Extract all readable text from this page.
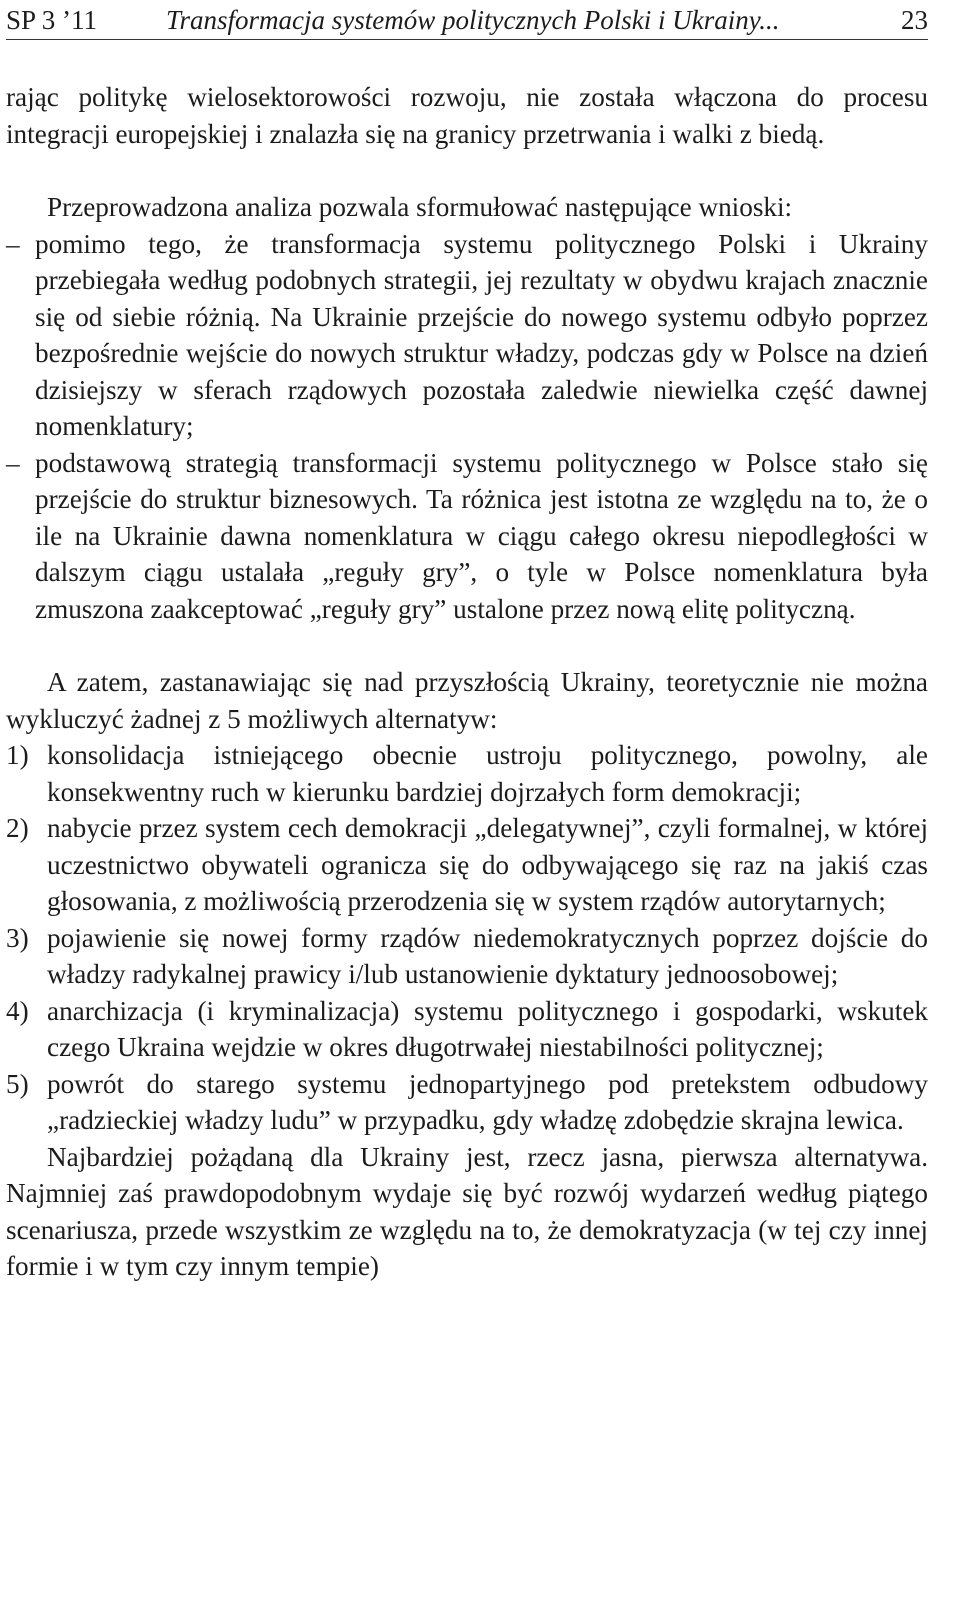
SP 3 ’11	Transformacja systemów politycznych Polski i Ukrainy...	23

rając politykę wielosektorowości rozwoju, nie została włączona do procesu integracji europejskiej i znalazła się na granicy przetrwania i walki z biedą.

Przeprowadzona analiza pozwala sformułować następujące wnioski:

– pomimo tego, że transformacja systemu politycznego Polski i Ukrainy przebiegała według podobnych strategii, jej rezultaty w obydwu krajach znacznie się od siebie różnią. Na Ukrainie przejście do nowego systemu odbyło poprzez bezpośrednie wejście do nowych struktur władzy, podczas gdy w Polsce na dzień dzisiejszy w sferach rządowych pozostała zaledwie niewielka część dawnej nomenklatury;

– podstawową strategią transformacji systemu politycznego w Polsce stało się przejście do struktur biznesowych. Ta różnica jest istotna ze względu na to, że o ile na Ukrainie dawna nomenklatura w ciągu całego okresu niepodległości w dalszym ciągu ustalała „reguły gry”, o tyle w Polsce nomenklatura była zmuszona zaakceptować „reguły gry” ustalone przez nową elitę polityczną.

A zatem, zastanawiając się nad przyszłością Ukrainy, teoretycznie nie można wykluczyć żadnej z 5 możliwych alternatyw:

1) konsolidacja istniejącego obecnie ustroju politycznego, powolny, ale konsekwentny ruch w kierunku bardziej dojrzałych form demokracji;

2) nabycie przez system cech demokracji „delegatywnej”, czyli formalnej, w której uczestnictwo obywateli ogranicza się do odbywającego się raz na jakiś czas głosowania, z możliwością przerodzenia się w system rządów autorytarnych;

3) pojawienie się nowej formy rządów niedemokratycznych poprzez dojście do władzy radykalnej prawicy i/lub ustanowienie dyktatury jednoosobowej;

4) anarchizacja (i kryminalizacja) systemu politycznego i gospodarki, wskutek czego Ukraina wejdzie w okres długotrwałej niestabilności politycznej;

5) powrót do starego systemu jednopartyjnego pod pretekstem odbudowy „radzieckiej władzy ludu” w przypadku, gdy władzę zdobędzie skrajna lewica.

Najbardziej pożądaną dla Ukrainy jest, rzecz jasna, pierwsza alternatywa. Najmniej zaś prawdopodobnym wydaje się być rozwój wydarzeń według piątego scenariusza, przede wszystkim ze względu na to, że demokratyzacja (w tej czy innej formie i w tym czy innym tempie)
